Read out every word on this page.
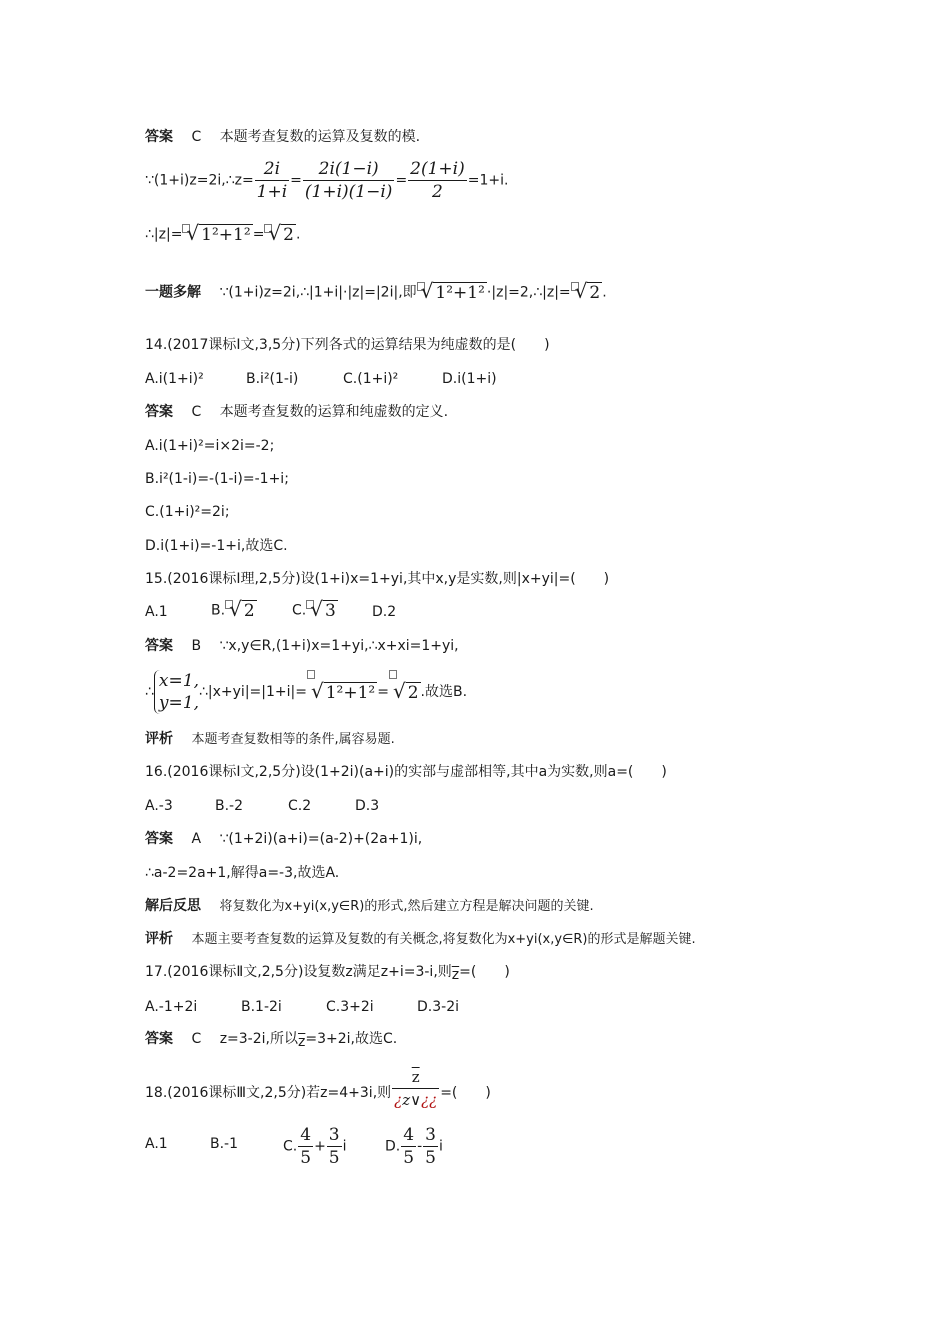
答案 C 本题考查复数的运算及复数的模.
∵(1+i)z=2i,∴z= $\frac{2i}{1+i} = \frac{2i(1-i)}{(1+i)(1-i)} = \frac{2(1+i)}{2} =1+i$.
∴|z|= √ 1²+1² = √ 2 .
一题多解 ∵(1+i)z=2i,∴|1+i|·|z|=|2i|,即 √ 1²+1² ·|z|=2,∴|z|= √ 2 .
14.(2017课标Ⅰ文,3,5分)下列各式的运算结果为纯虚数的是(　　)
A.i(1+i)²	B.i²(1-i)	C.(1+i)²	D.i(1+i)
答案 C 本题考查复数的运算和纯虚数的定义.
A.i(1+i)²=i×2i=-2;
B.i²(1-i)=-(1-i)=-1+i;
C.(1+i)²=2i;
D.i(1+i)=-1+i,故选C.
15.(2016课标Ⅰ理,2,5分)设(1+i)x=1+yi,其中x,y是实数,则|x+yi|=(　　)
A.1	B. √ 2	C. √ 3	D.2
答案 B ∵x,y∈R,(1+i)x=1+yi,∴x+xi=1+yi,
∴
x=1,
y=1,
∴|x+yi|=|1+i|= √ 1²+1² = √ 2 .故选B.
评析 本题考查复数相等的条件,属容易题.
16.(2016课标Ⅰ文,2,5分)设(1+2i)(a+i)的实部与虚部相等,其中a为实数,则a=(　　)
A.-3	B.-2	C.2	D.3
答案 A ∵(1+2i)(a+i)=(a-2)+(2a+1)i,
∴a-2=2a+1,解得a=-3,故选A.
解后反思 将复数化为x+yi(x,y∈R)的形式,然后建立方程是解决问题的关键.
评析 本题主要考查复数的运算及复数的有关概念,将复数化为x+yi(x,y∈R)的形式是解题关键.
17.(2016课标Ⅱ文,2,5分)设复数z满足z+i=3-i,则$\overline{z}=$(　　)
A.-1+2i	B.1-2i	C.3+2i	D.3-2i
答案 C z=3-2i,所以$\overline{z}=3+2i$,故选C.
18.(2016课标Ⅲ文,2,5分)若z=4+3i,则 $\frac{\overline{z}}{¿z\vee¿¿}$ =(　　)
A.1	B.-1	C. $\frac{4}{5} + \frac{3}{5}$ i	D. $\frac{4}{5} - \frac{3}{5}$ i
